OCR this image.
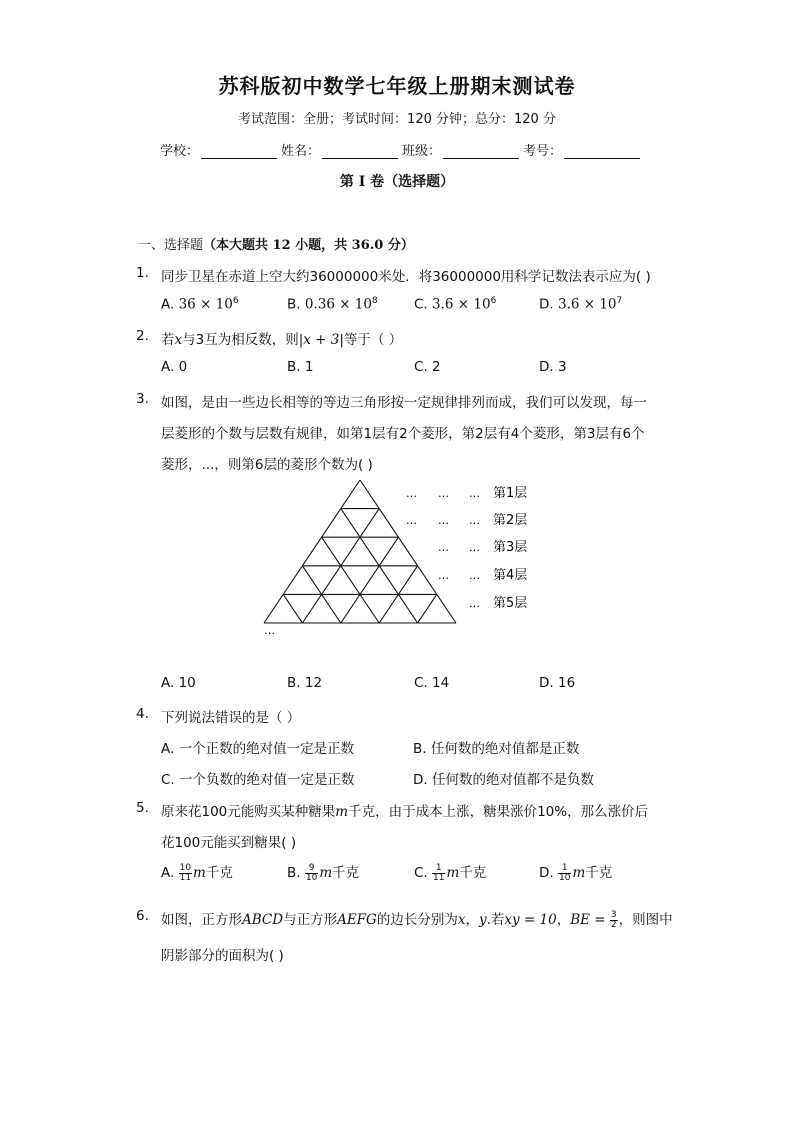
苏科版初中数学七年级上册期末测试卷
考试范围：全册；考试时间：120 分钟；总分：120 分
学校：	姓名：	班级：	考号：
第 I 卷（选择题）
一、选择题（本大题共 12 小题，共 36.0 分）
1. 同步卫星在赤道上空大约36000000米处．将36000000用科学记数法表示应为( )
A. $36 \times 10^6$	B. $0.36 \times 10^8$	C. $3.6 \times 10^6$	D. $3.6 \times 10^7$
2. 若x与3互为相反数，则|x + 3|等于（ ）
A. 0	B. 1	C. 2	D. 3
3. 如图，是由一些边长相等的等边三角形按一定规律排列而成，我们可以发现，每一
层菱形的个数与层数有规律，如第1层有2个菱形，第2层有4个菱形，第3层有6个
菱形，...，则第6层的菱形个数为( )
… … …
… … …
… …
… …
…
…
第1层
第2层
第3层
第4层
第5层
A. 10	B. 12	C. 14	D. 16
4. 下列说法错误的是（ ）
A. 一个正数的绝对值一定是正数	B. 任何数的绝对值都是正数
C. 一个负数的绝对值一定是正数	D. 任何数的绝对值都不是负数
5. 原来花100元能购买某种糖果m千克，由于成本上涨，糖果涨价10%，那么涨价后
花100元能买到糖果( )
A. $\frac{10}{11}$ m千克	B. $\frac{9}{10}$ m千克	C. $\frac{1}{11}$ m千克	D. $\frac{1}{10}$ m千克
6. 如图，正方形ABCD与正方形AEFG的边长分别为x，y.若xy = 10，BE = $\frac{3}{2}$ ，则图中
阴影部分的面积为( )
